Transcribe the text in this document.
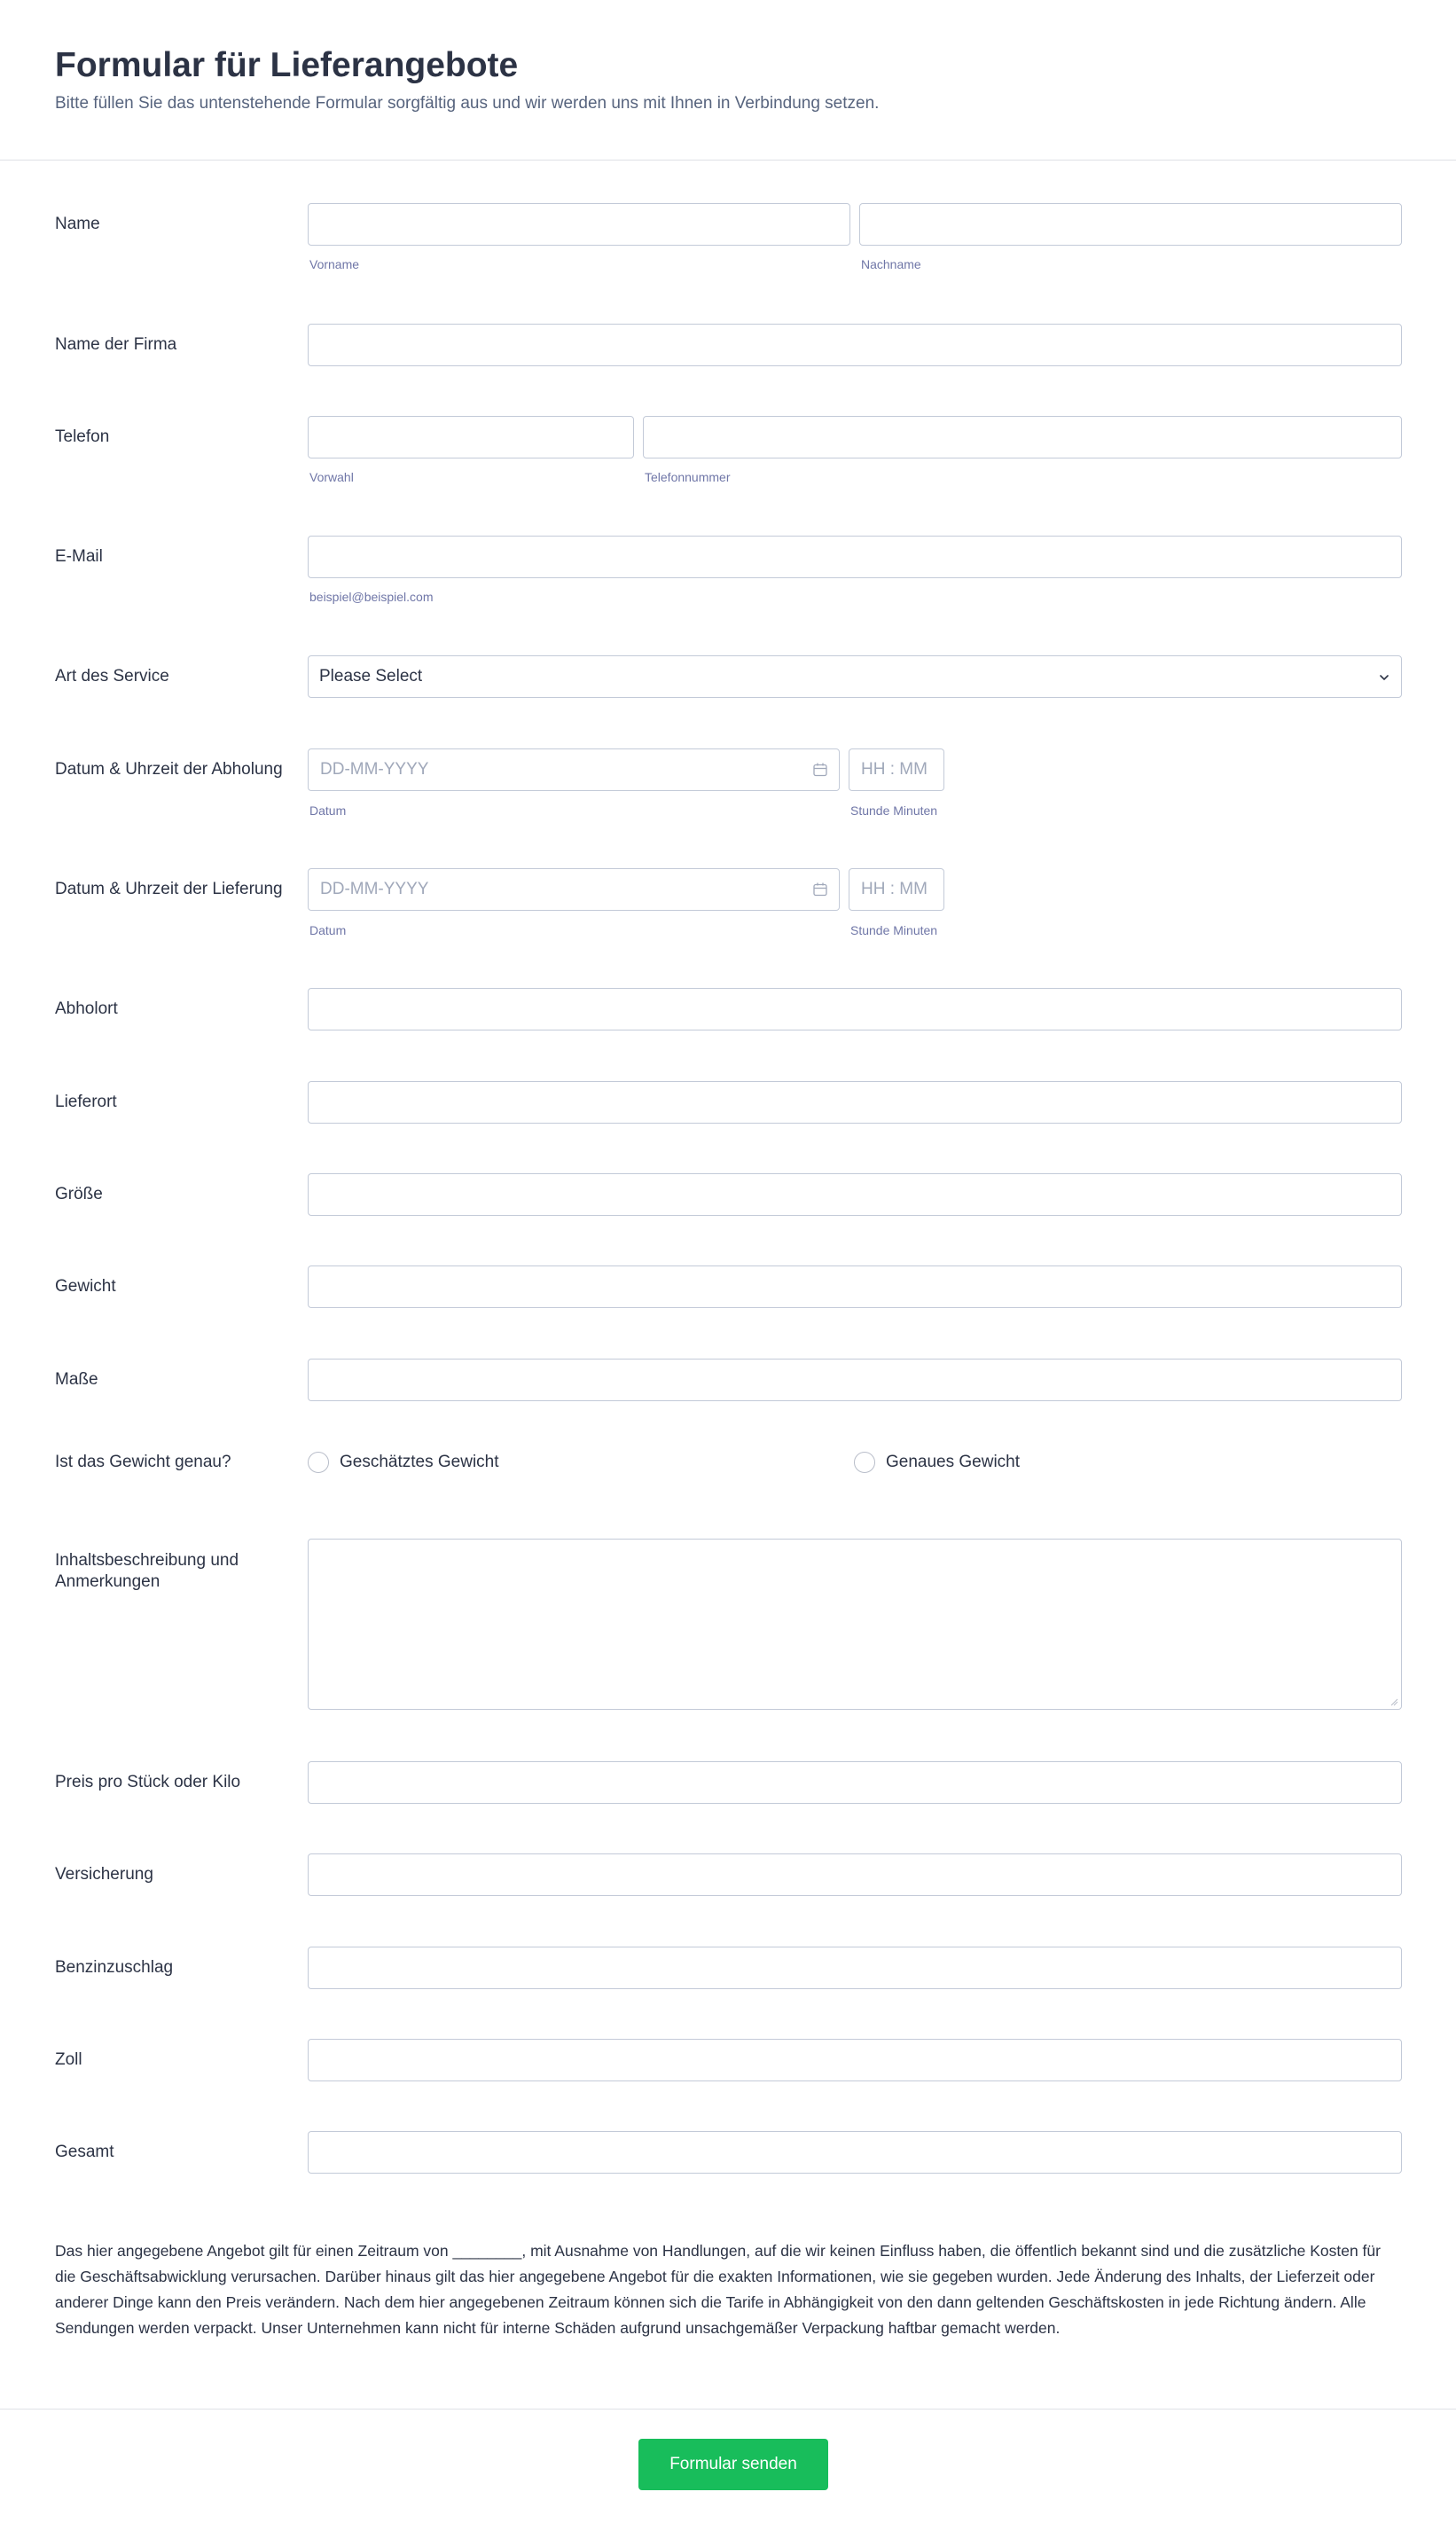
Formular für Lieferangebote

Bitte füllen Sie das untenstehende Formular sorgfältig aus und wir werden uns mit Ihnen in Verbindung setzen.

Name
Vorname	Nachname
Name der Firma
Telefon
Vorwahl	Telefonnummer
E-Mail
beispiel@beispiel.com
Art des Service	Please Select
Datum & Uhrzeit der Abholung	DD-MM-YYYY	HH : MM
Datum	Stunde Minuten
Datum & Uhrzeit der Lieferung	DD-MM-YYYY	HH : MM
Datum	Stunde Minuten
Abholort
Lieferort
Größe
Gewicht
Maße
Ist das Gewicht genau?	Geschätztes Gewicht	Genaues Gewicht
Inhaltsbeschreibung und Anmerkungen
Preis pro Stück oder Kilo
Versicherung
Benzinzuschlag
Zoll
Gesamt
Das hier angegebene Angebot gilt für einen Zeitraum von ________, mit Ausnahme von Handlungen, auf die wir keinen Einfluss haben, die öffentlich bekannt sind und die zusätzliche Kosten für die Geschäftsabwicklung verursachen. Darüber hinaus gilt das hier angegebene Angebot für die exakten Informationen, wie sie gegeben wurden. Jede Änderung des Inhalts, der Lieferzeit oder anderer Dinge kann den Preis verändern. Nach dem hier angegebenen Zeitraum können sich die Tarife in Abhängigkeit von den dann geltenden Geschäftskosten in jede Richtung ändern. Alle Sendungen werden verpackt. Unser Unternehmen kann nicht für interne Schäden aufgrund unsachgemäßer Verpackung haftbar gemacht werden.
Formular senden
